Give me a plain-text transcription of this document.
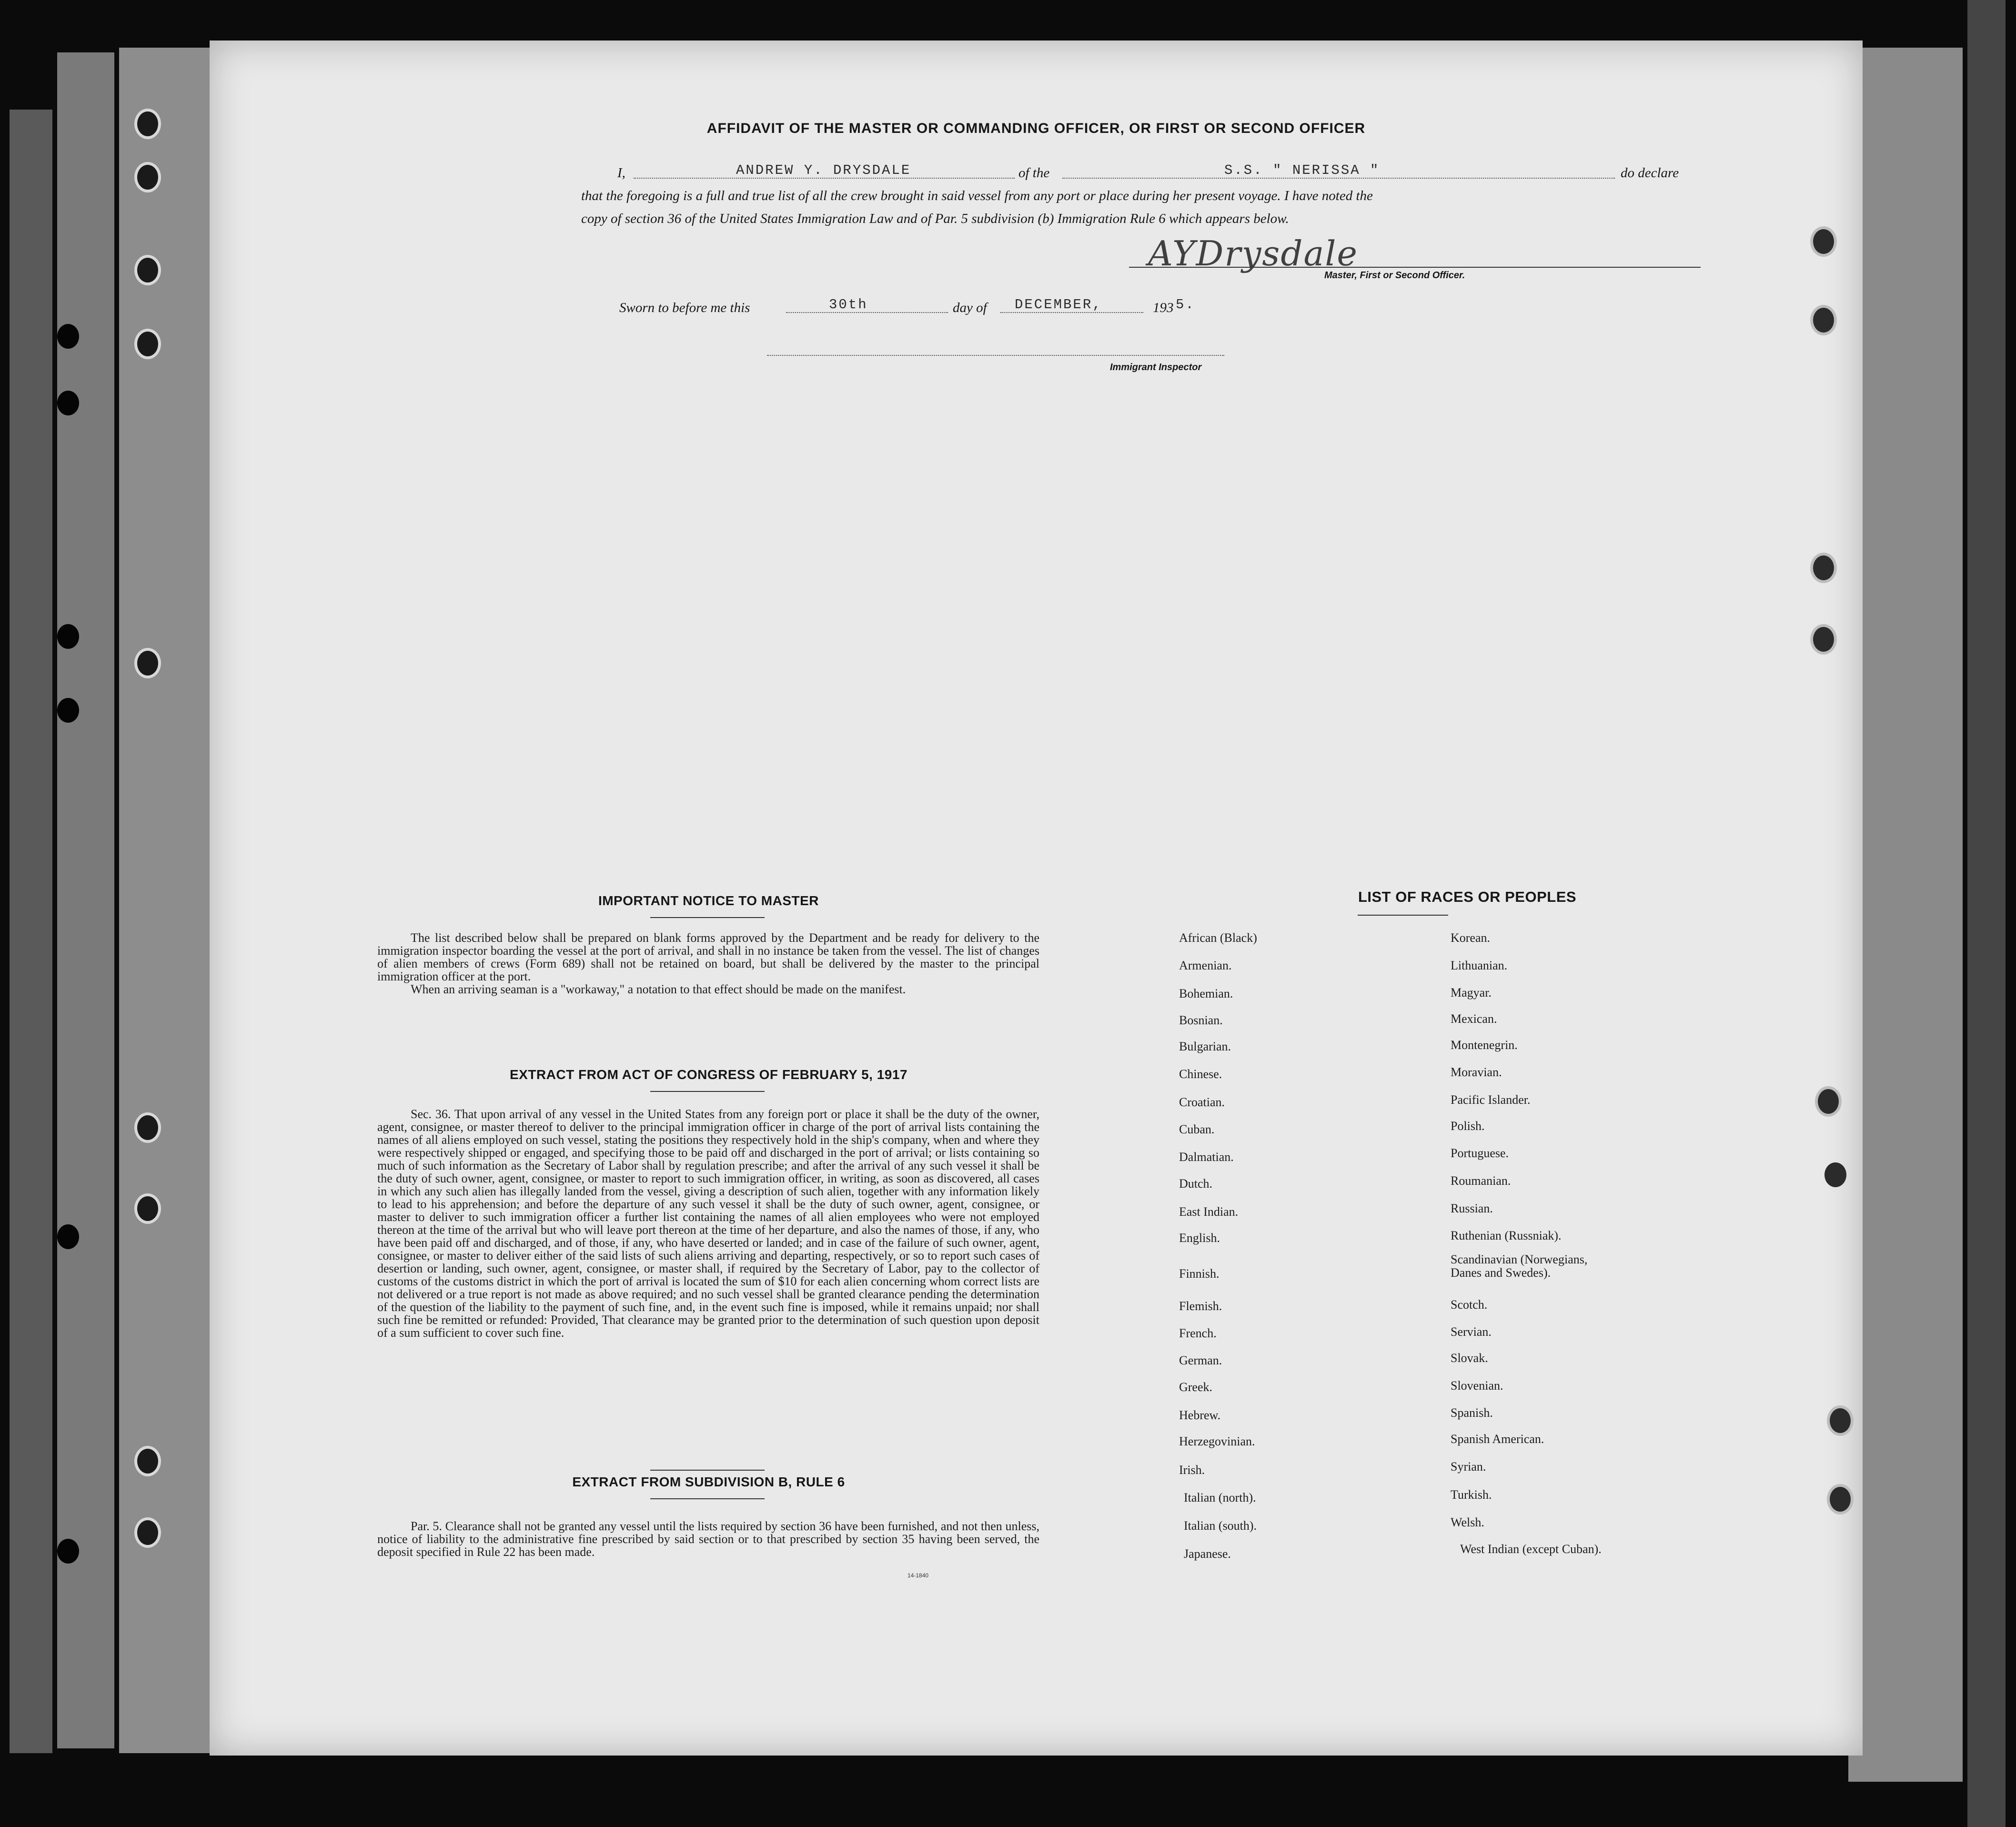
AFFIDAVIT OF THE MASTER OR COMMANDING OFFICER, OR FIRST OR SECOND OFFICER
I,	ANDREW Y. DRYSDALE	of the	S.S. " NERISSA "	do declare
that the foregoing is a full and true list of all the crew brought in said vessel from any port or place during her present voyage. I have noted the
copy of section 36 of the United States Immigration Law and of Par. 5 subdivision (b) Immigration Rule 6 which appears below.
AYDrysdale
Master, First or Second Officer.
Sworn to before me this	30th	day of DECEMBER,	193 5.
Immigrant Inspector
IMPORTANT NOTICE TO MASTER

The list described below shall be prepared on blank forms approved by the Department and be ready for delivery to the immigration inspector boarding the vessel at the port of arrival, and shall in no instance be taken from the vessel. The list of changes of alien members of crews (Form 689) shall not be retained on board, but shall be delivered by the master to the principal immigration officer at the port.

When an arriving seaman is a "workaway," a notation to that effect should be made on the manifest.

EXTRACT FROM ACT OF CONGRESS OF FEBRUARY 5, 1917

Sec. 36. That upon arrival of any vessel in the United States from any foreign port or place it shall be the duty of the owner, agent, consignee, or master thereof to deliver to the principal immigration officer in charge of the port of arrival lists containing the names of all aliens employed on such vessel, stating the positions they respectively hold in the ship's company, when and where they were respectively shipped or engaged, and specifying those to be paid off and discharged in the port of arrival; or lists containing so much of such information as the Secretary of Labor shall by regulation prescribe; and after the arrival of any such vessel it shall be the duty of such owner, agent, consignee, or master to report to such immigration officer, in writing, as soon as discovered, all cases in which any such alien has illegally landed from the vessel, giving a description of such alien, together with any information likely to lead to his apprehension; and before the departure of any such vessel it shall be the duty of such owner, agent, consignee, or master to deliver to such immigration officer a further list containing the names of all alien employees who were not employed thereon at the time of the arrival but who will leave port thereon at the time of her departure, and also the names of those, if any, who have been paid off and discharged, and of those, if any, who have deserted or landed; and in case of the failure of such owner, agent, consignee, or master to deliver either of the said lists of such aliens arriving and departing, respectively, or so to report such cases of desertion or landing, such owner, agent, consignee, or master shall, if required by the Secretary of Labor, pay to the collector of customs of the customs district in which the port of arrival is located the sum of $10 for each alien concerning whom correct lists are not delivered or a true report is not made as above required; and no such vessel shall be granted clearance pending the determination of the question of the liability to the payment of such fine, and, in the event such fine is imposed, while it remains unpaid; nor shall such fine be remitted or refunded: Provided, That clearance may be granted prior to the determination of such question upon deposit of a sum sufficient to cover such fine.

EXTRACT FROM SUBDIVISION B, RULE 6

Par. 5. Clearance shall not be granted any vessel until the lists required by section 36 have been furnished, and not then unless, notice of liability to the administrative fine prescribed by said section or to that prescribed by section 35 having been served, the deposit specified in Rule 22 has been made.

14-1840
LIST OF RACES OR PEOPLES
African (Black)
Armenian.
Bohemian.
Bosnian.
Bulgarian.
Chinese.
Croatian.
Cuban.
Dalmatian.
Dutch.
East Indian.
English.
Finnish.
Flemish.
French.
German.
Greek.
Hebrew.
Herzegovinian.
Irish.
Italian (north).
Italian (south).
Japanese.
Korean.
Lithuanian.
Magyar.
Mexican.
Montenegrin.
Moravian.
Pacific Islander.
Polish.
Portuguese.
Roumanian.
Russian.
Ruthenian (Russniak).
Scandinavian (Norwegians,
Danes and Swedes).
Scotch.
Servian.
Slovak.
Slovenian.
Spanish.
Spanish American.
Syrian.
Turkish.
Welsh.
West Indian (except Cuban).
